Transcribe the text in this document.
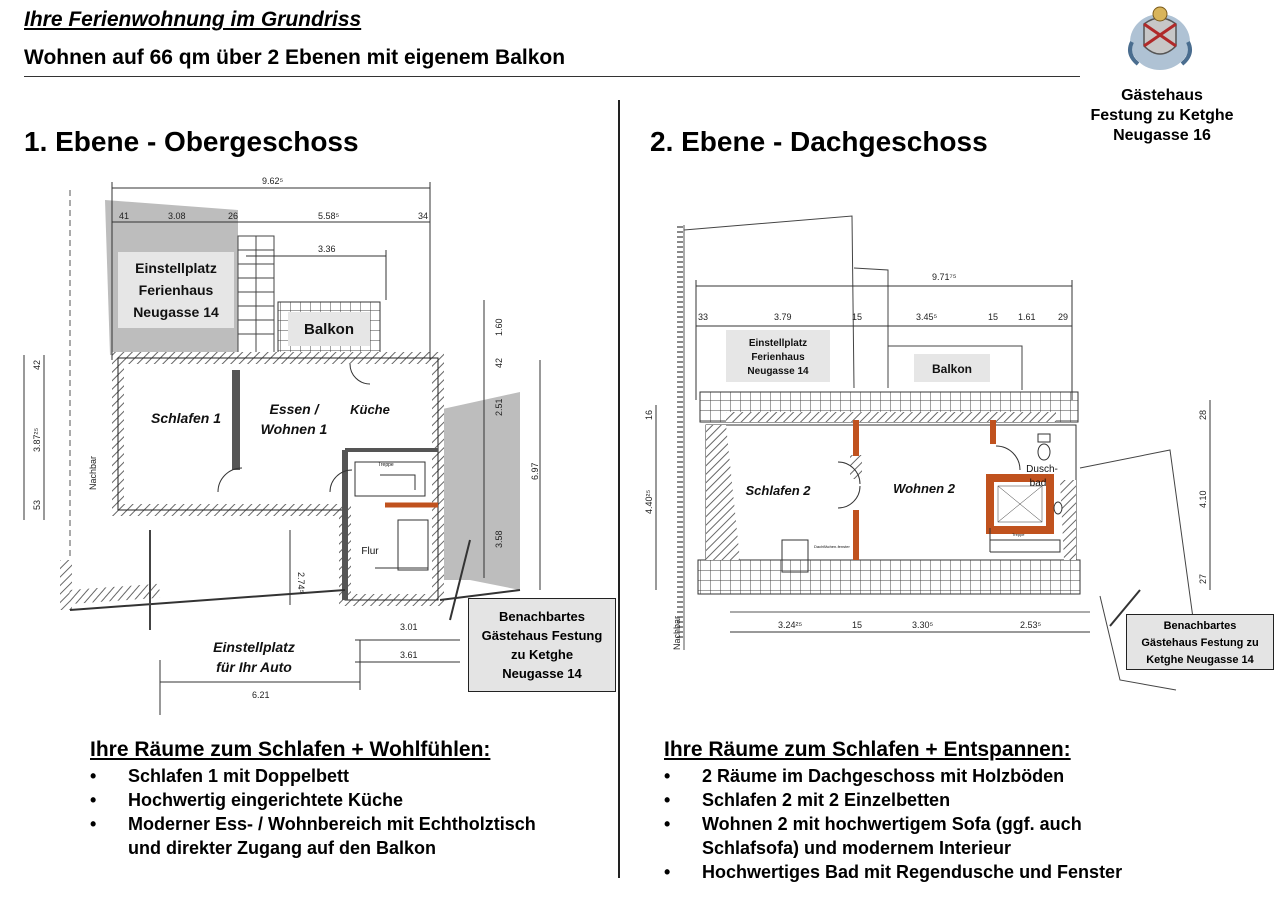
Ihre Ferienwohnung im Grundriss
Wohnen auf 66 qm über 2 Ebenen mit eigenem Balkon
Gästehaus
Festung zu Ketghe
Neugasse 16
1. Ebene - Obergeschoss	2. Ebene - Dachgeschoss
9.62⁵
41	3.08	26	5.58⁵	34
3.36
3.01
3.61
6.21
1.60
42
2.51
3.58
6.97
3.87²⁵
42
53
2.74⁵
Nachbar
Einstellplatz
Ferienhaus
Neugasse 14
Balkon
Schlafen 1
Essen /
Wohnen 1
Küche
Flur
Treppe
Einstellplatz
für Ihr Auto
Benachbartes
Gästehaus Festung
zu Ketghe
Neugasse 14
9.71⁷⁵
33	3.79	15	3.45⁵	15 1.61 29
3.24²⁵	15	3.30⁵	2.53⁵
16
4.40²⁵
28
4.10
27
Nachbar
Einstellplatz
Ferienhaus
Neugasse 14	Balkon
Schlafen 2	Wohnen 2
Dusch-
bad
Dachflächen-fenster
Treppe
Benachbartes
Gästehaus Festung zu
Ketghe Neugasse 14
Ihre Räume zum Schlafen + Wohlfühlen:
• Schlafen 1 mit Doppelbett
• Hochwertig eingerichtete Küche
• Moderner Ess- / Wohnbereich mit Echtholztisch
und direkter Zugang auf den Balkon
Ihre Räume zum Schlafen + Entspannen:
• 2 Räume im Dachgeschoss mit Holzböden
• Schlafen 2 mit 2 Einzelbetten
• Wohnen 2 mit hochwertigem Sofa (ggf. auch
Schlafsofa) und modernem Interieur
• Hochwertiges Bad mit Regendusche und Fenster
